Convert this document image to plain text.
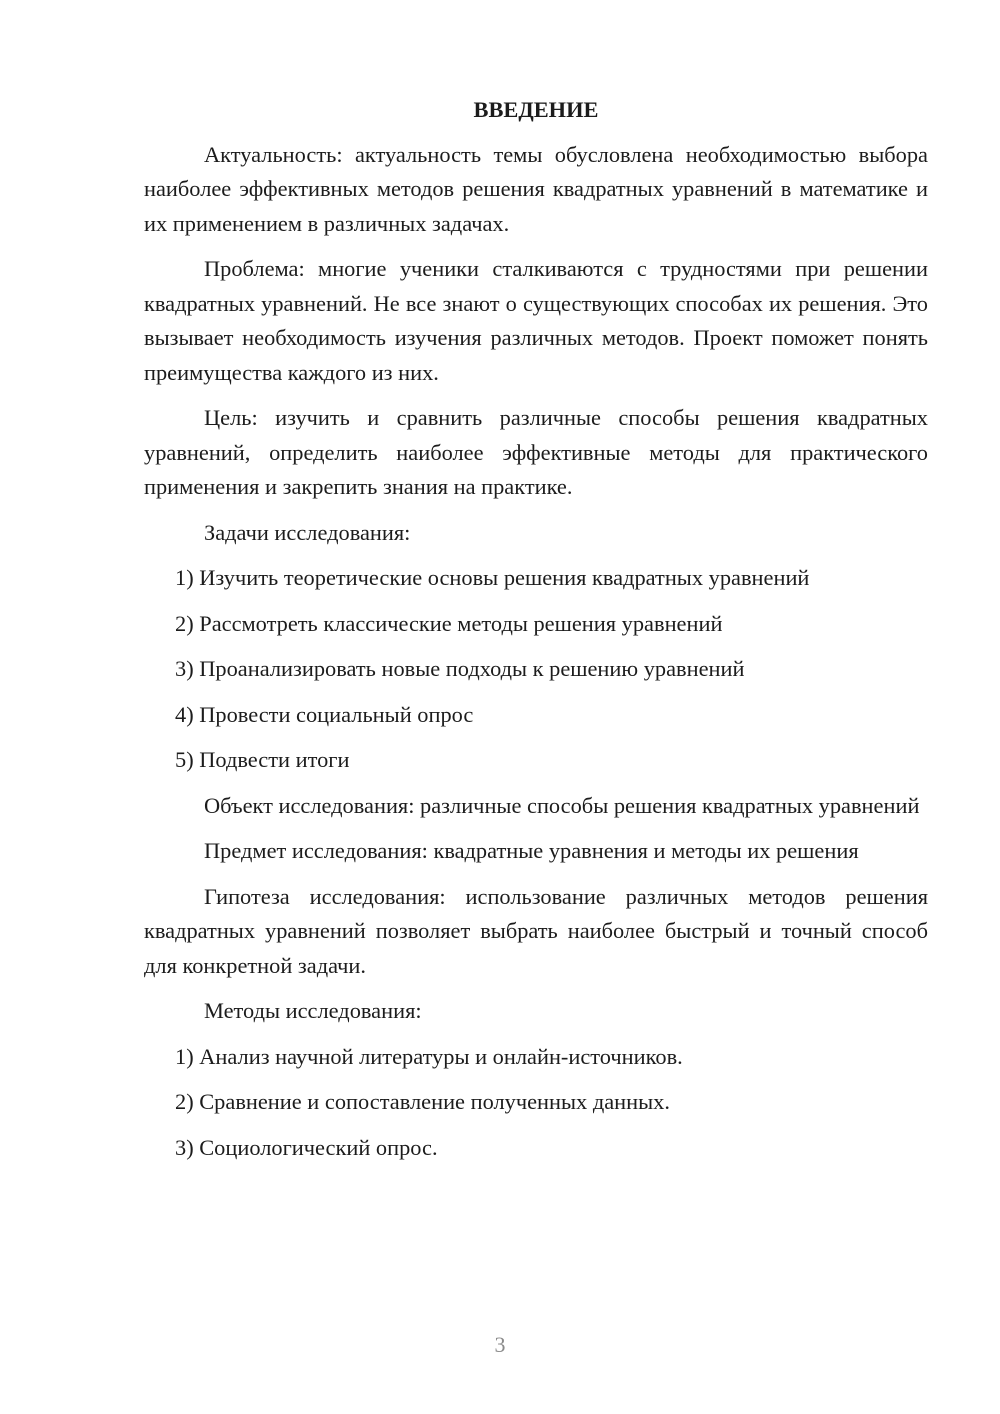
ВВЕДЕНИЕ

Актуальность: актуальность темы обусловлена необходимостью выбора наиболее эффективных методов решения квадратных уравнений в математике и их применением в различных задачах.

Проблема: многие ученики сталкиваются с трудностями при решении квадратных уравнений. Не все знают о существующих способах их решения. Это вызывает необходимость изучения различных методов. Проект поможет понять преимущества каждого из них.

Цель: изучить и сравнить различные способы решения квадратных уравнений, определить наиболее эффективные методы для практического применения и закрепить знания на практике.

Задачи исследования:

1) Изучить теоретические основы решения квадратных уравнений

2) Рассмотреть классические методы решения уравнений

3) Проанализировать новые подходы к решению уравнений

4) Провести социальный опрос

5) Подвести итоги

Объект исследования: различные способы решения квадратных уравнений

Предмет исследования: квадратные уравнения и методы их решения

Гипотеза исследования: использование различных методов решения квадратных уравнений позволяет выбрать наиболее быстрый и точный способ для конкретной задачи.

Методы исследования:

1) Анализ научной литературы и онлайн-источников.

2) Сравнение и сопоставление полученных данных.

3) Социологический опрос.

3
